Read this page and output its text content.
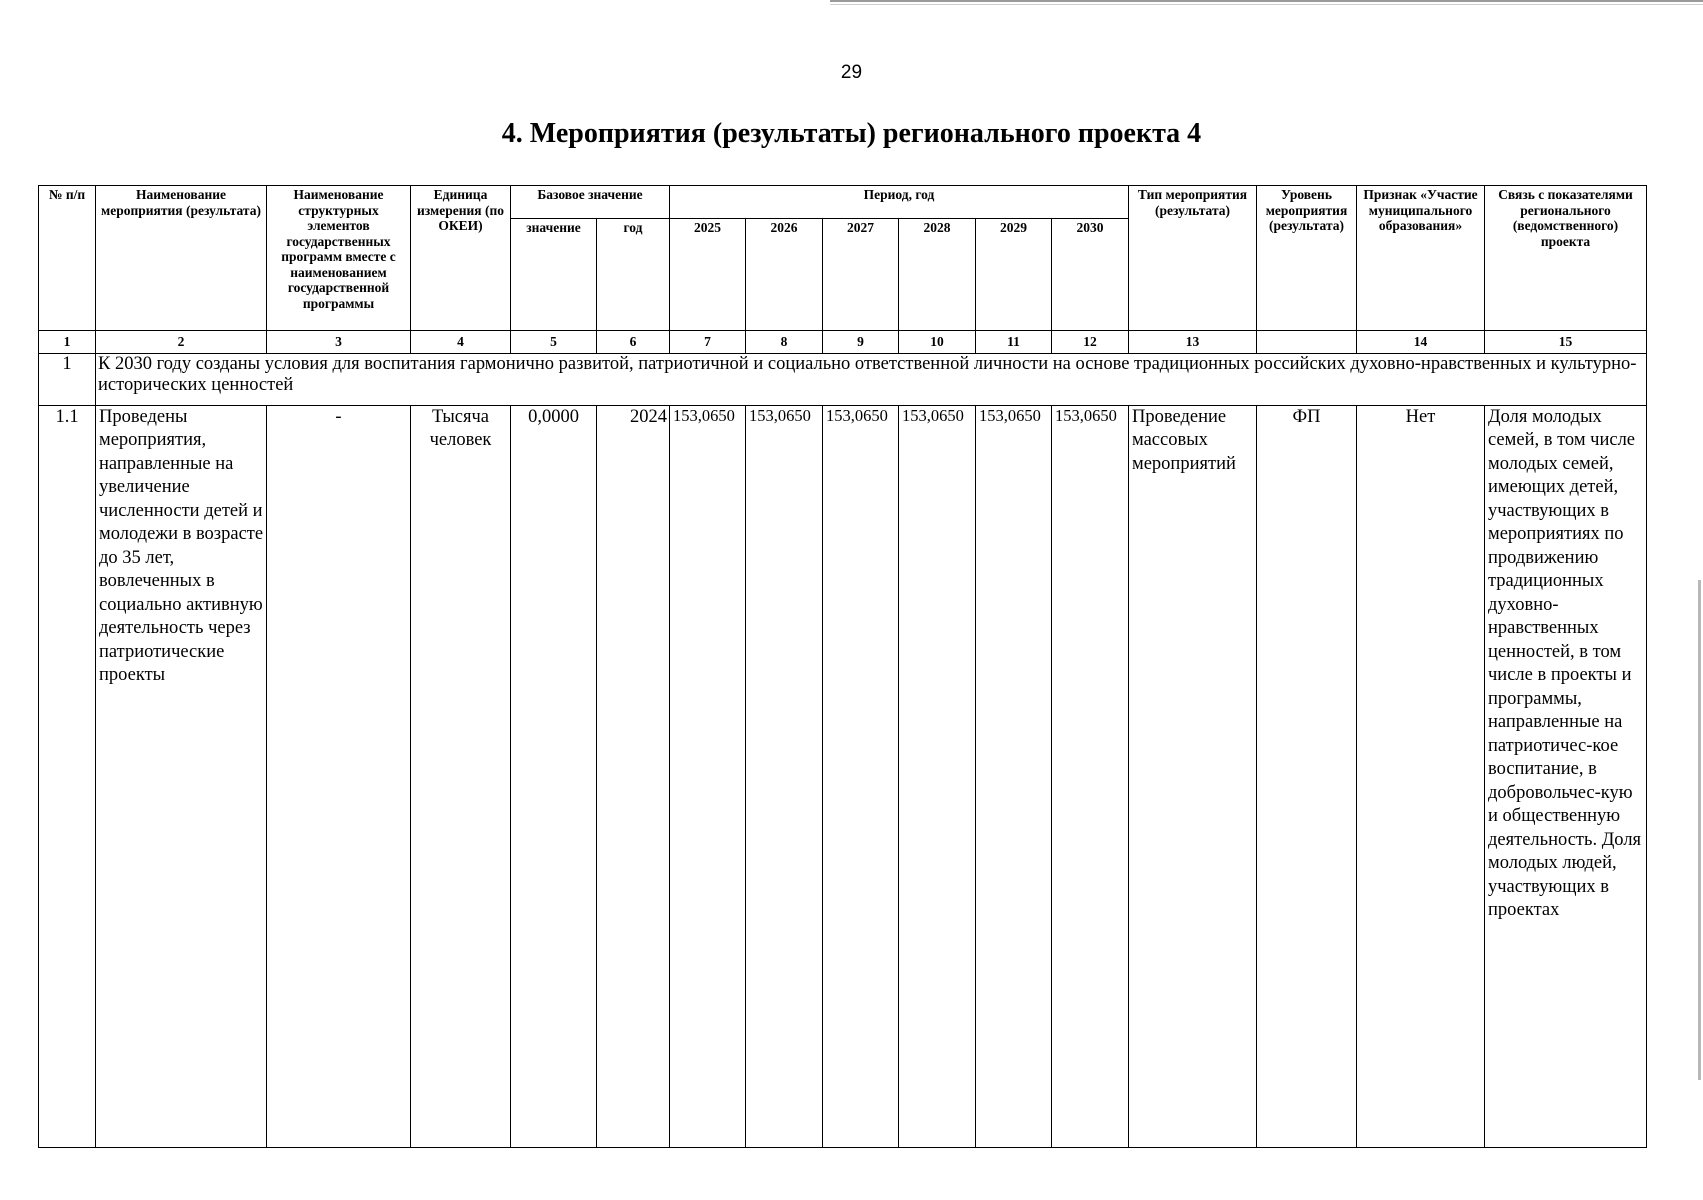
29
4. Мероприятия (результаты) регионального проекта 4
№ п/п	Наименование мероприятия (результата)	Наименование структурных элементов государственных программ вместе с наименованием государственной программы	Единица измерения (по ОКЕИ)	Базовое значение		Период, год						Тип мероприятия (результата)	Уровень мероприятия (результата)	Признак «Участие муниципального образования»	Связь с показателями регионального (ведомственного) проекта
				значение	год	2025	2026	2027	2028	2029	2030				
1	2	3	4	5	6	7	8	9	10	11	12	13		14	15
1	К 2030 году созданы условия для воспитания гармонично развитой, патриотичной и социально ответственной личности на основе традиционных российских духовно-нравственных и культурно-исторических ценностей														
1.1	Проведены мероприятия, направленные на увеличение численности детей и молодежи в возрасте до 35 лет, вовлеченных в социально активную деятельность через патриотические проекты	-	Тысяча человек	0,0000	2024	153,0650	153,0650	153,0650	153,0650	153,0650	153,0650	Проведение массовых мероприятий	ФП	Нет	Доля молодых семей, в том числе молодых семей, имеющих детей, участвующих в мероприятиях по продвижению традиционных духовно-нравственных ценностей, в том числе в проекты и программы, направленные на патриотичес-кое воспитание, в добровольчес-кую и общественную деятельность. Доля молодых людей, участвующих в проектах
